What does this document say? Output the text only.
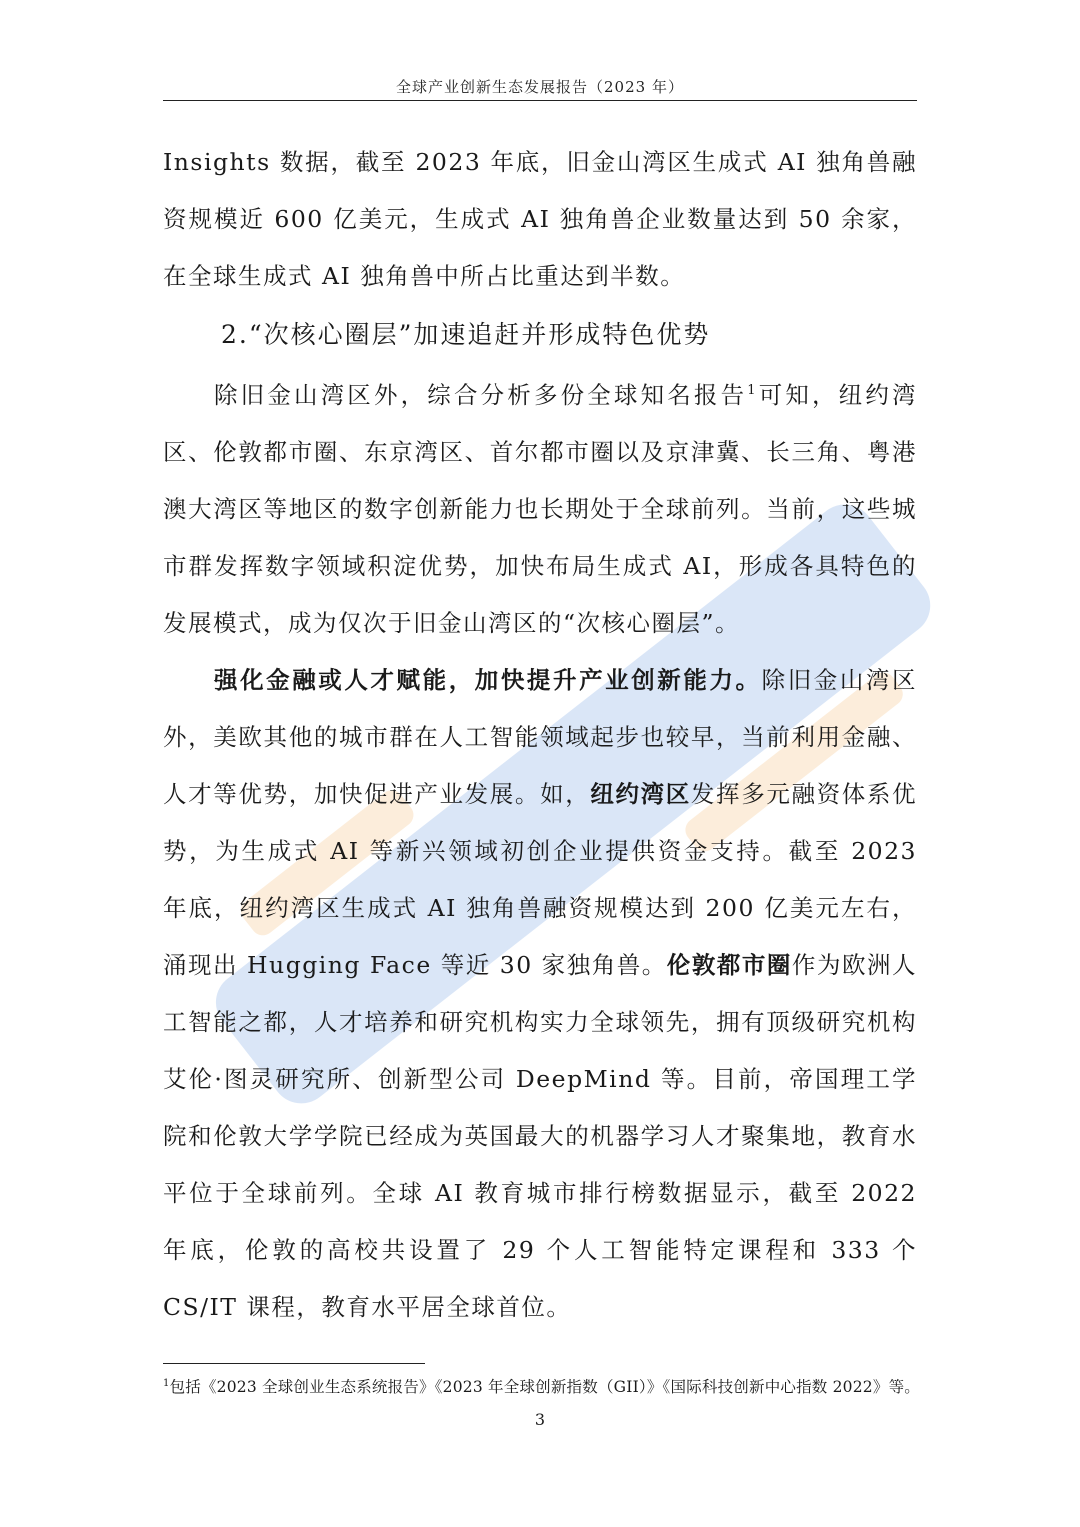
全球产业创新生态发展报告（2023 年）

Insights 数据，截至 2023 年底，旧金山湾区生成式 AI 独角兽融资规模近 600 亿美元，生成式 AI 独角兽企业数量达到 50 余家，在全球生成式 AI 独角兽中所占比重达到半数。

2.“次核心圈层”加速追赶并形成特色优势

除旧金山湾区外，综合分析多份全球知名报告$^1$可知，纽约湾区、伦敦都市圈、东京湾区、首尔都市圈以及京津冀、长三角、粤港澳大湾区等地区的数字创新能力也长期处于全球前列。当前，这些城市群发挥数字领域积淀优势，加快布局生成式 AI，形成各具特色的发展模式，成为仅次于旧金山湾区的“次核心圈层”。

强化金融或人才赋能，加快提升产业创新能力。除旧金山湾区外，美欧其他的城市群在人工智能领域起步也较早，当前利用金融、人才等优势，加快促进产业发展。如，纽约湾区发挥多元融资体系优势，为生成式 AI 等新兴领域初创企业提供资金支持。截至 2023 年底，纽约湾区生成式 AI 独角兽融资规模达到 200 亿美元左右，涌现出 Hugging Face 等近 30 家独角兽。伦敦都市圈作为欧洲人工智能之都，人才培养和研究机构实力全球领先，拥有顶级研究机构艾伦·图灵研究所、创新型公司 DeepMind 等。目前，帝国理工学院和伦敦大学学院已经成为英国最大的机器学习人才聚集地，教育水平位于全球前列。全球 AI 教育城市排行榜数据显示，截至 2022 年底，伦敦的高校共设置了 29 个人工智能特定课程和 333 个 CS/IT 课程，教育水平居全球首位。

$^1$包括《2023 全球创业生态系统报告》《2023 年全球创新指数（GII）》《国际科技创新中心指数 2022》等。
3
